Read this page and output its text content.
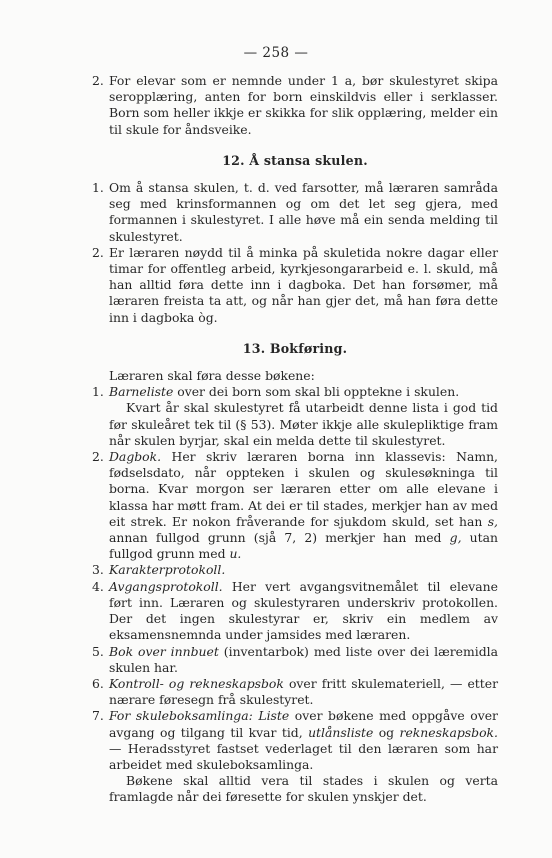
— 258 —
2. For elevar som er nemnde under 1 a, bør skulestyret skipa seropplæring, anten for born einskildvis eller i serklasser. Born som heller ikkje er skikka for slik opplæring, melder ein til skule for åndsveike.

12. Å stansa skulen.
1. Om å stansa skulen, t. d. ved farsotter, må læraren samråda seg med krinsformannen og om det let seg gjera, med formannen i skulestyret. I alle høve må ein senda melding til skulestyret.

2. Er læraren nøydd til å minka på skuletida nokre dagar eller timar for offentleg arbeid, kyrkjesongararbeid e. l. skuld, må han alltid føra dette inn i dagboka. Det han forsømer, må læraren freista ta att, og når han gjer det, må han føra dette inn i dagboka òg.

13. Bokføring.

Læraren skal føra desse bøkene:

1. Barneliste over dei born som skal bli opptekne i skulen.

Kvart år skal skulestyret få utarbeidt denne lista i god tid før skuleåret tek til (§ 53). Møter ikkje alle skulepliktige fram når skulen byrjar, skal ein melda dette til skulestyret.

2. Dagbok. Her skriv læraren borna inn klassevis: Namn, fødselsdato, når oppteken i skulen og skulesøkninga til borna. Kvar morgon ser læraren etter om alle elevane i klassa har møtt fram. At dei er til stades, merkjer han av med eit strek. Er nokon fråverande for sjukdom skuld, set han s, annan fullgod grunn (sjå 7, 2) merkjer han med g, utan fullgod grunn med u.

3. Karakterprotokoll.

4. Avgangsprotokoll. Her vert avgangsvitnemålet til elevane ført inn. Læraren og skulestyraren underskriv protokollen. Der det ingen skulestyrar er, skriv ein medlem av eksamensnemnda under jamsides med læraren.

5. Bok over innbuet (inventarbok) med liste over dei læremidla skulen har.

6. Kontroll- og rekneskapsbok over fritt skulemateriell, — etter nærare føresegn frå skulestyret.

7. For skuleboksamlinga: Liste over bøkene med oppgåve over avgang og tilgang til kvar tid, utlånsliste og rekneskapsbok. — Heradsstyret fastset vederlaget til den læraren som har arbeidet med skuleboksamlinga.

Bøkene skal alltid vera til stades i skulen og verta framlagde når dei føresette for skulen ynskjer det.
